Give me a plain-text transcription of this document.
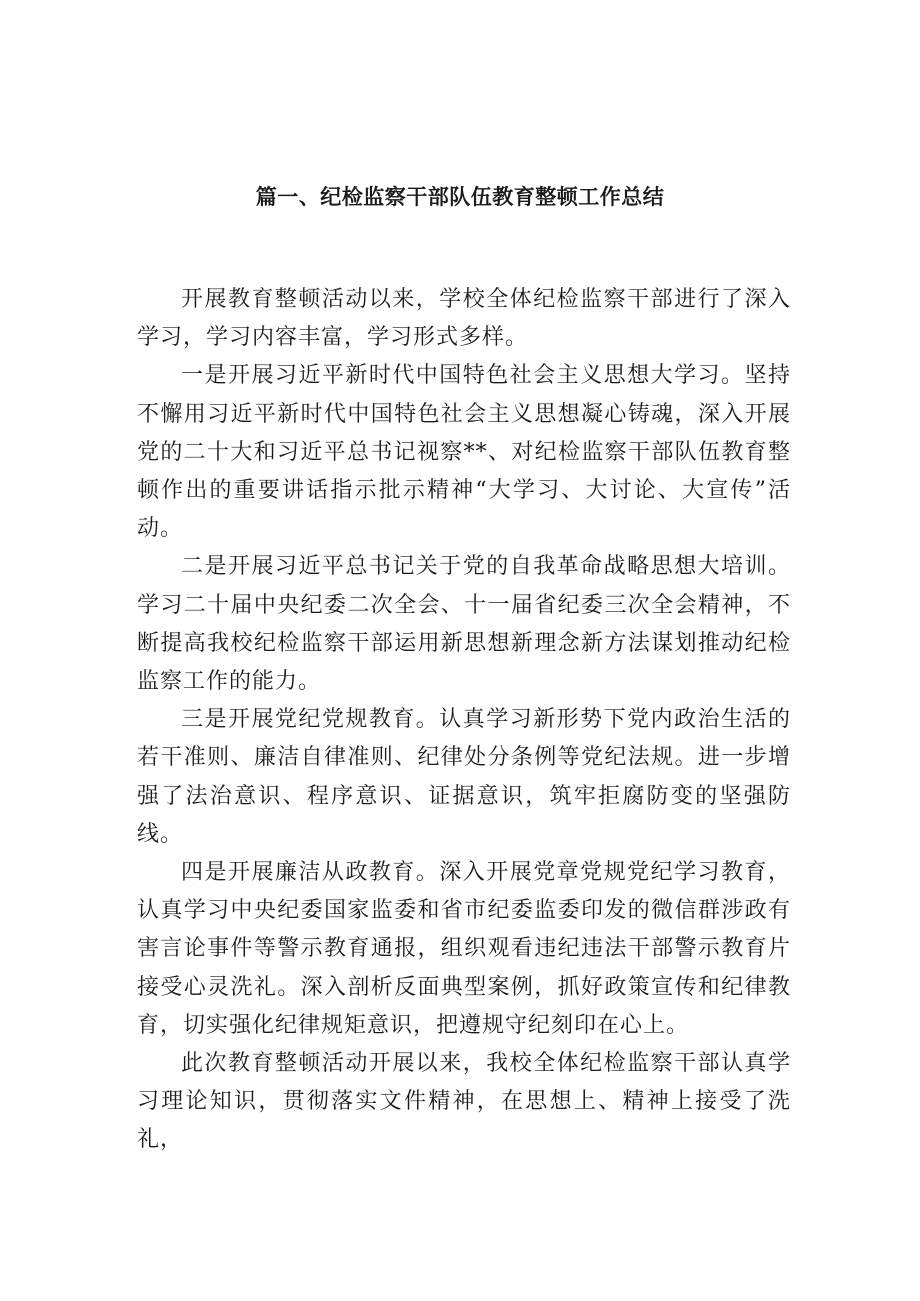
篇一、纪检监察干部队伍教育整顿工作总结

开展教育整顿活动以来，学校全体纪检监察干部进行了深入学习，学习内容丰富，学习形式多样。

一是开展习近平新时代中国特色社会主义思想大学习。坚持不懈用习近平新时代中国特色社会主义思想凝心铸魂，深入开展党的二十大和习近平总书记视察**、对纪检监察干部队伍教育整顿作出的重要讲话指示批示精神“大学习、大讨论、大宣传”活动。

二是开展习近平总书记关于党的自我革命战略思想大培训。学习二十届中央纪委二次全会、十一届省纪委三次全会精神，不断提高我校纪检监察干部运用新思想新理念新方法谋划推动纪检监察工作的能力。

三是开展党纪党规教育。认真学习新形势下党内政治生活的若干准则、廉洁自律准则、纪律处分条例等党纪法规。进一步增强了法治意识、程序意识、证据意识，筑牢拒腐防变的坚强防线。

四是开展廉洁从政教育。深入开展党章党规党纪学习教育，认真学习中央纪委国家监委和省市纪委监委印发的微信群涉政有害言论事件等警示教育通报，组织观看违纪违法干部警示教育片接受心灵洗礼。深入剖析反面典型案例，抓好政策宣传和纪律教育，切实强化纪律规矩意识，把遵规守纪刻印在心上。

此次教育整顿活动开展以来，我校全体纪检监察干部认真学习理论知识，贯彻落实文件精神，在思想上、精神上接受了洗礼，
